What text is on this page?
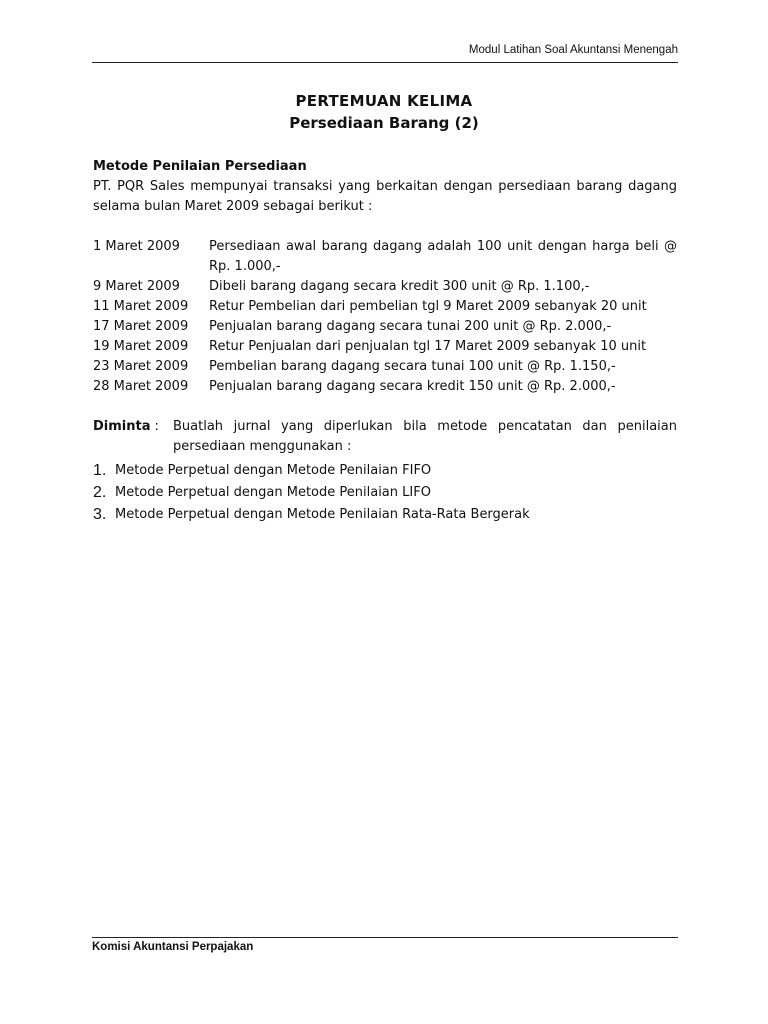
Modul Latihan Soal Akuntansi Menengah
PERTEMUAN KELIMA
Persediaan Barang (2)
Metode Penilaian Persediaan

PT. PQR Sales mempunyai transaksi yang berkaitan dengan persediaan barang dagang selama bulan Maret 2009 sebagai berikut :

1 Maret 2009	Persediaan awal barang dagang adalah 100 unit dengan harga beli @ Rp. 1.000,-
9 Maret 2009	Dibeli barang dagang secara kredit 300 unit @ Rp. 1.100,-
11 Maret 2009	Retur Pembelian dari pembelian tgl 9 Maret 2009 sebanyak 20 unit
17 Maret 2009	Penjualan barang dagang secara tunai 200 unit @ Rp. 2.000,-
19 Maret 2009	Retur Penjualan dari penjualan tgl 17 Maret 2009 sebanyak 10 unit
23 Maret 2009	Pembelian barang dagang secara tunai 100 unit @ Rp. 1.150,-
28 Maret 2009	Penjualan barang dagang secara kredit 150 unit @ Rp. 2.000,-
Diminta :	Buatlah jurnal yang diperlukan bila metode pencatatan dan penilaian persediaan menggunakan :
1. Metode Perpetual dengan Metode Penilaian FIFO
2. Metode Perpetual dengan Metode Penilaian LIFO
3. Metode Perpetual dengan Metode Penilaian Rata-Rata Bergerak
Komisi Akuntansi Perpajakan
